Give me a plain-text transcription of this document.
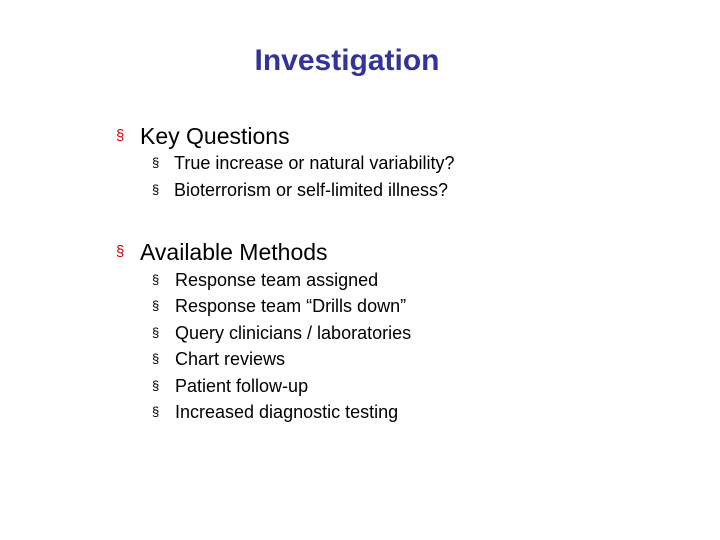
Investigation
§ Key Questions
§ True increase or natural variability?
§ Bioterrorism or self-limited illness?
§ Available Methods
§ Response team assigned
§ Response team “Drills down”
§ Query clinicians / laboratories
§ Chart reviews
§ Patient follow-up
§ Increased diagnostic testing
